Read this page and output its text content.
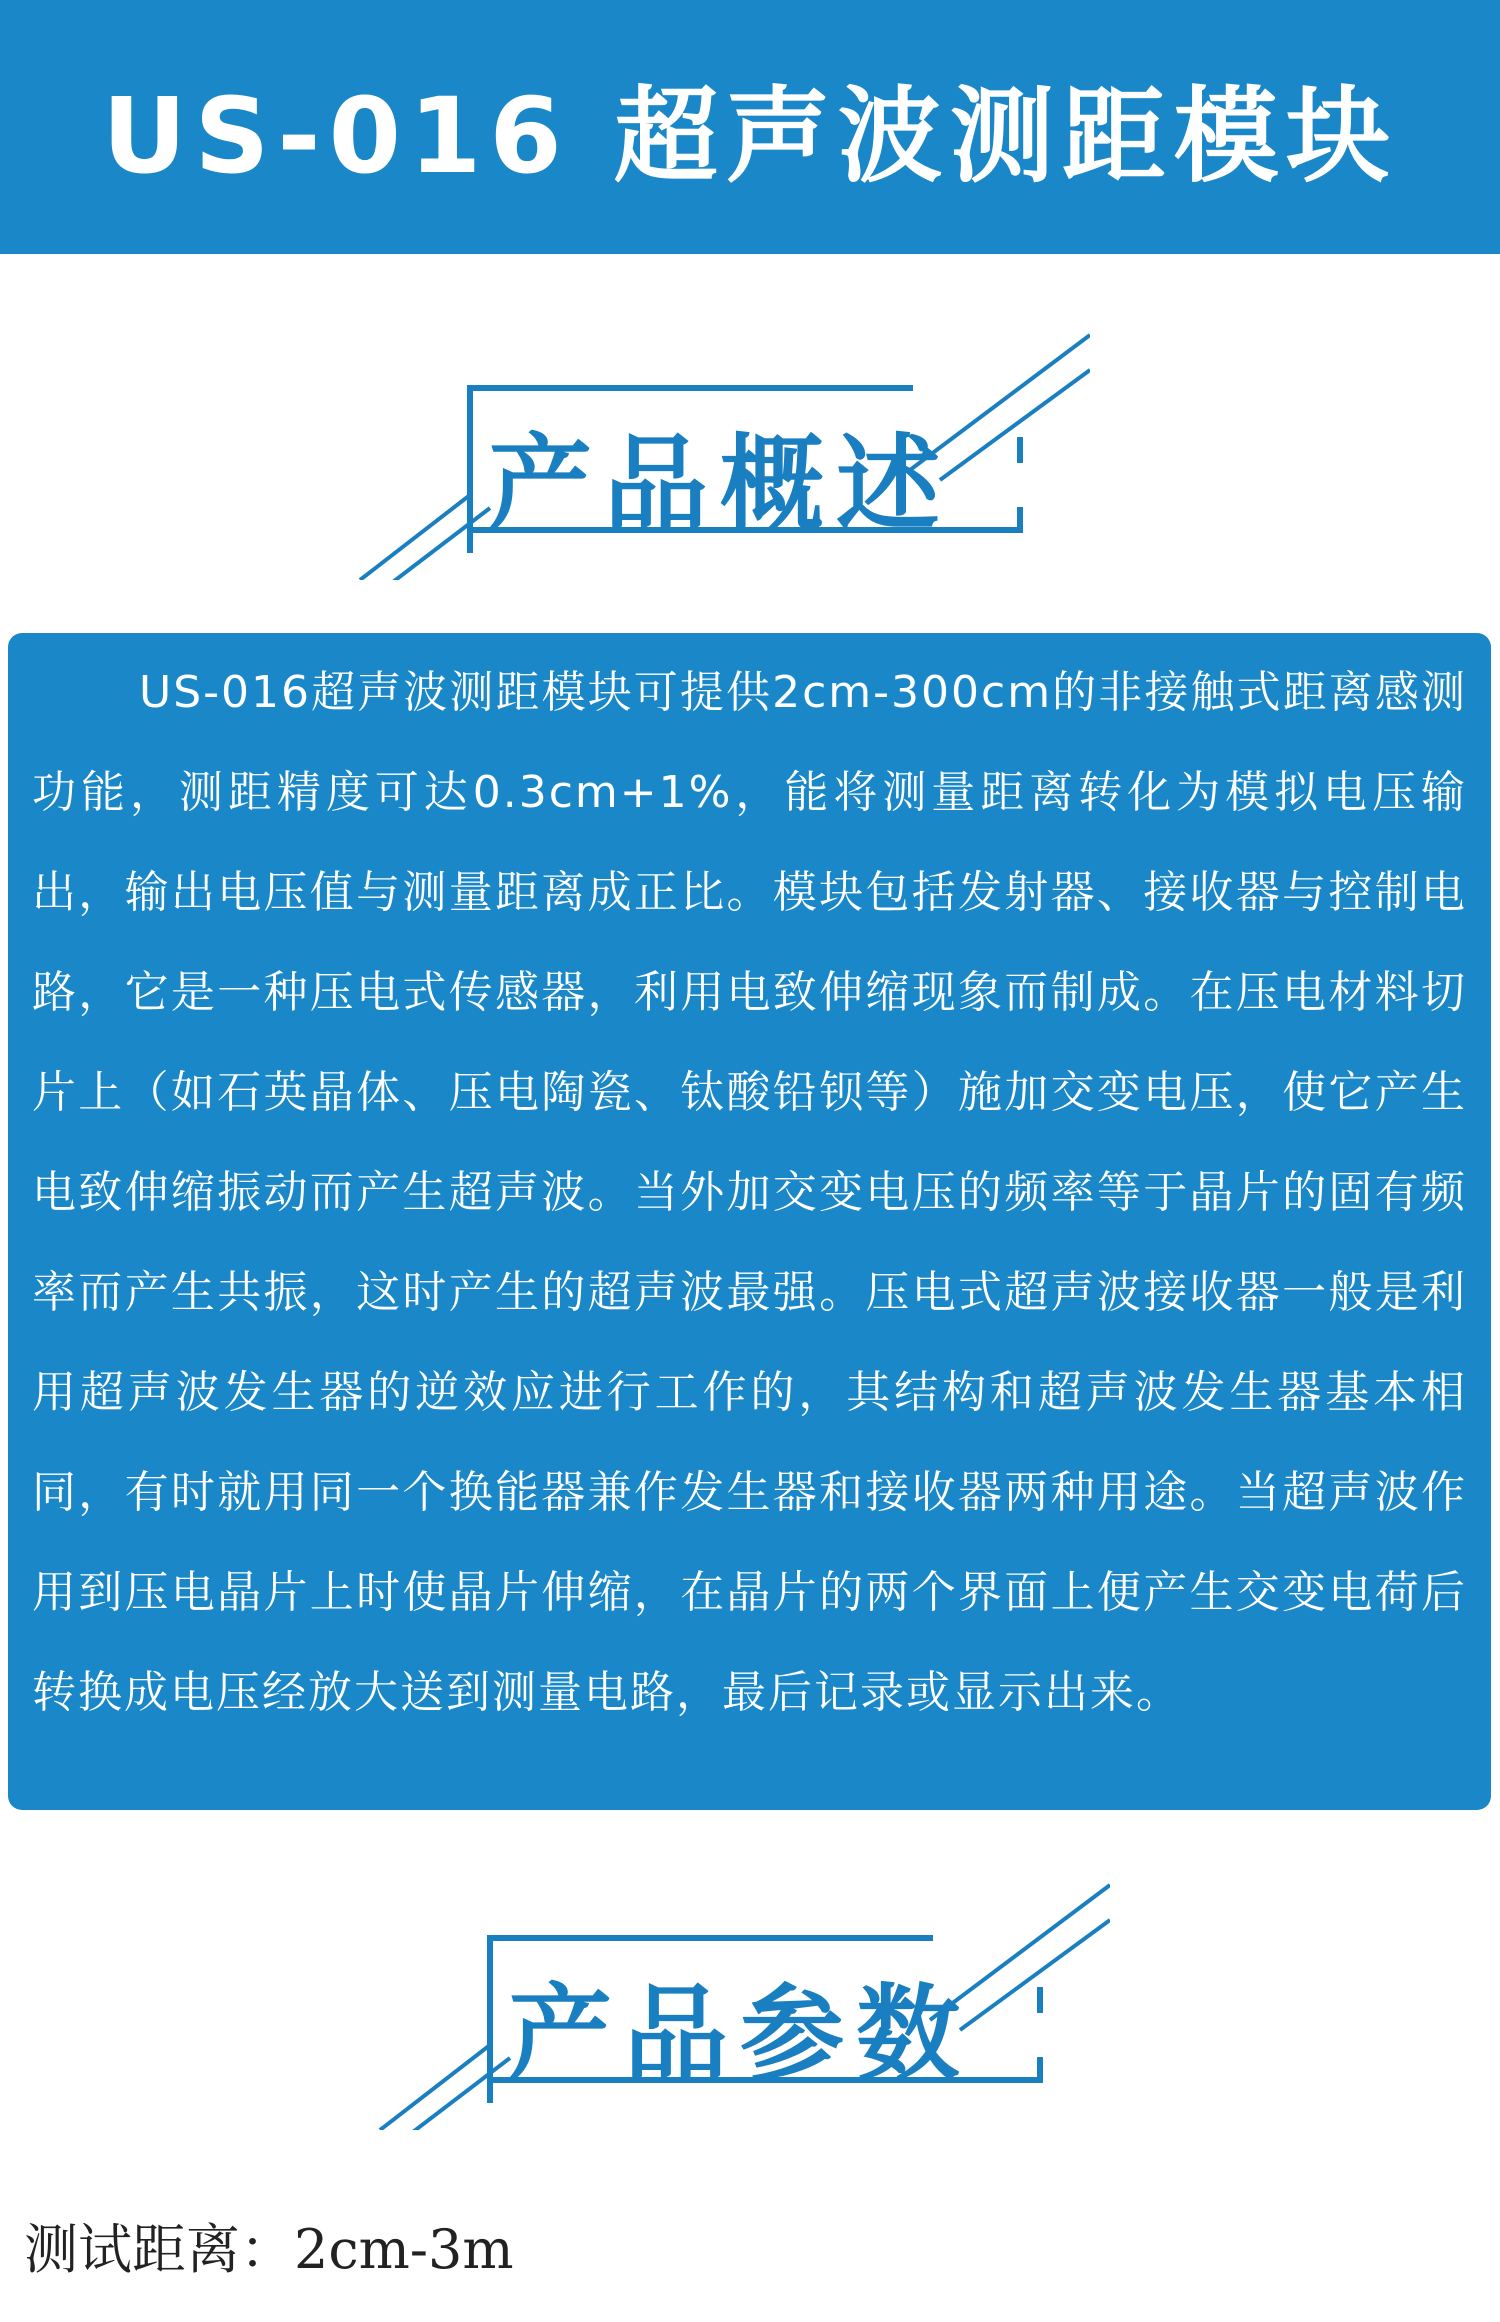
US-016 超声波测距模块
产品概述

US-016超声波测距模块可提供2cm-300cm的非接触式距离感测功能，测距精度可达0.3cm+1%，能将测量距离转化为模拟电压输出，输出电压值与测量距离成正比。模块包括发射器、接收器与控制电路，它是一种压电式传感器，利用电致伸缩现象而制成。在压电材料切片上（如石英晶体、压电陶瓷、钛酸铅钡等）施加交变电压，使它产生电致伸缩振动而产生超声波。当外加交变电压的频率等于晶片的固有频率而产生共振，这时产生的超声波最强。压电式超声波接收器一般是利用超声波发生器的逆效应进行工作的，其结构和超声波发生器基本相同，有时就用同一个换能器兼作发生器和接收器两种用途。当超声波作用到压电晶片上时使晶片伸缩，在晶片的两个界面上便产生交变电荷后转换成电压经放大送到测量电路，最后记录或显示出来。

产品参数
测试距离：2cm-3m
